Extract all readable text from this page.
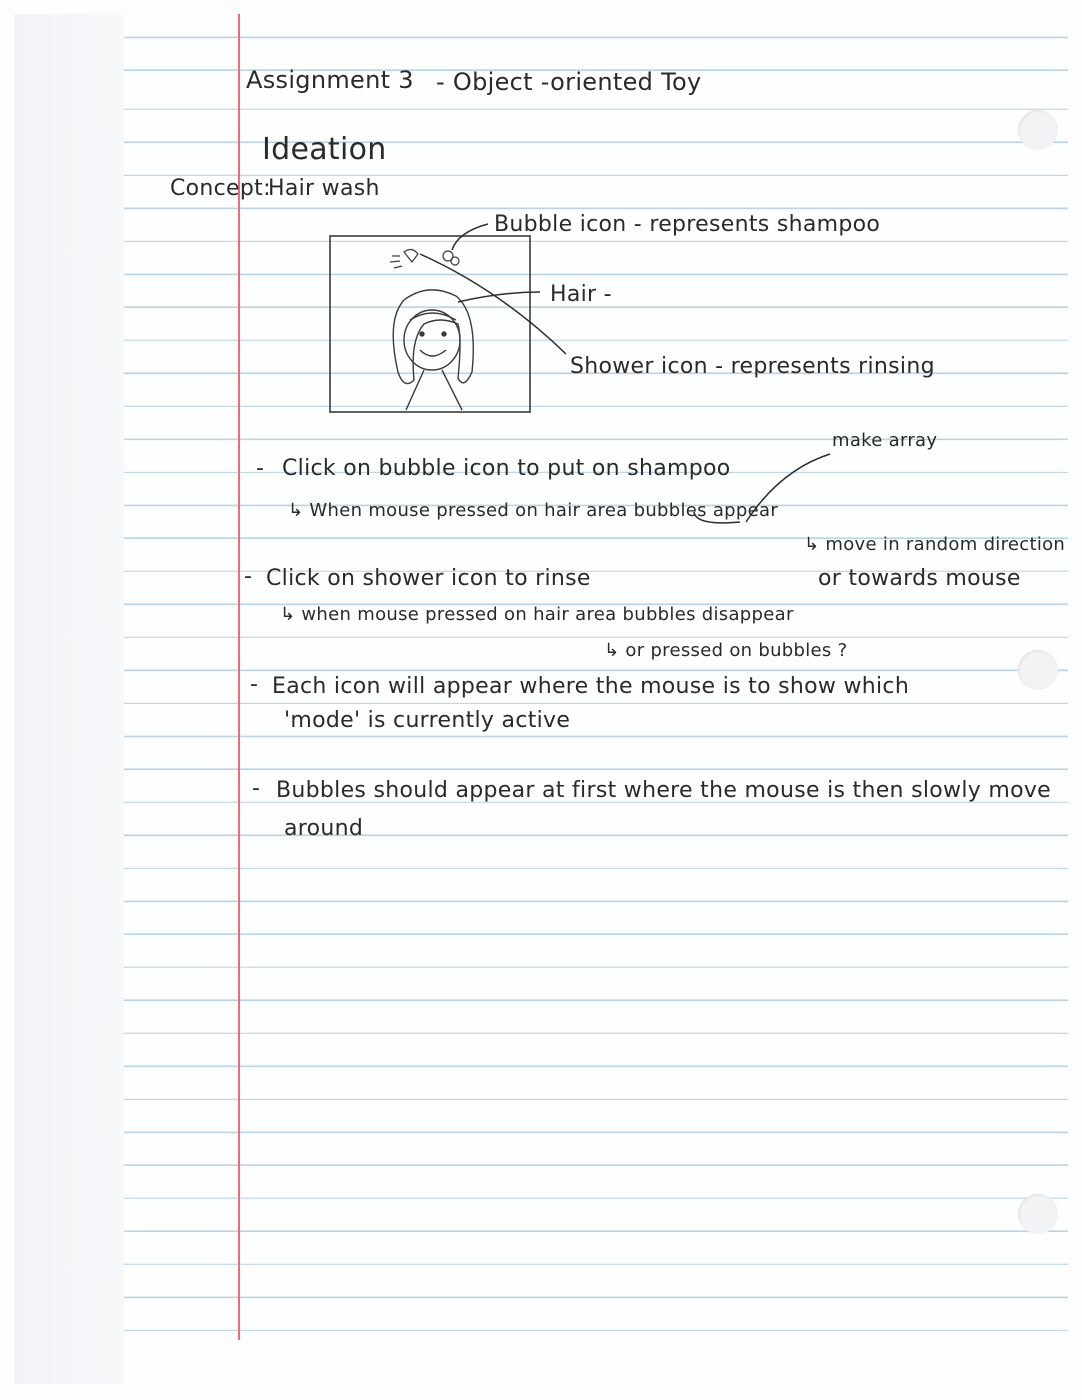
Assignment 3 - Object -oriented Toy
Ideation
Concept:
Hair wash
Bubble icon - represents shampoo
Hair -
Shower icon - represents rinsing
- Click on bubble icon to put on shampoo
↳ When mouse pressed on hair area bubbles appear
make array
↳ move in random direction
or towards mouse
- Click on shower icon to rinse
↳ when mouse pressed on hair area bubbles disappear
↳ or pressed on bubbles ?
- Each icon will appear where the mouse is to show which
'mode' is currently active
- Bubbles should appear at first where the mouse is then slowly move
around
